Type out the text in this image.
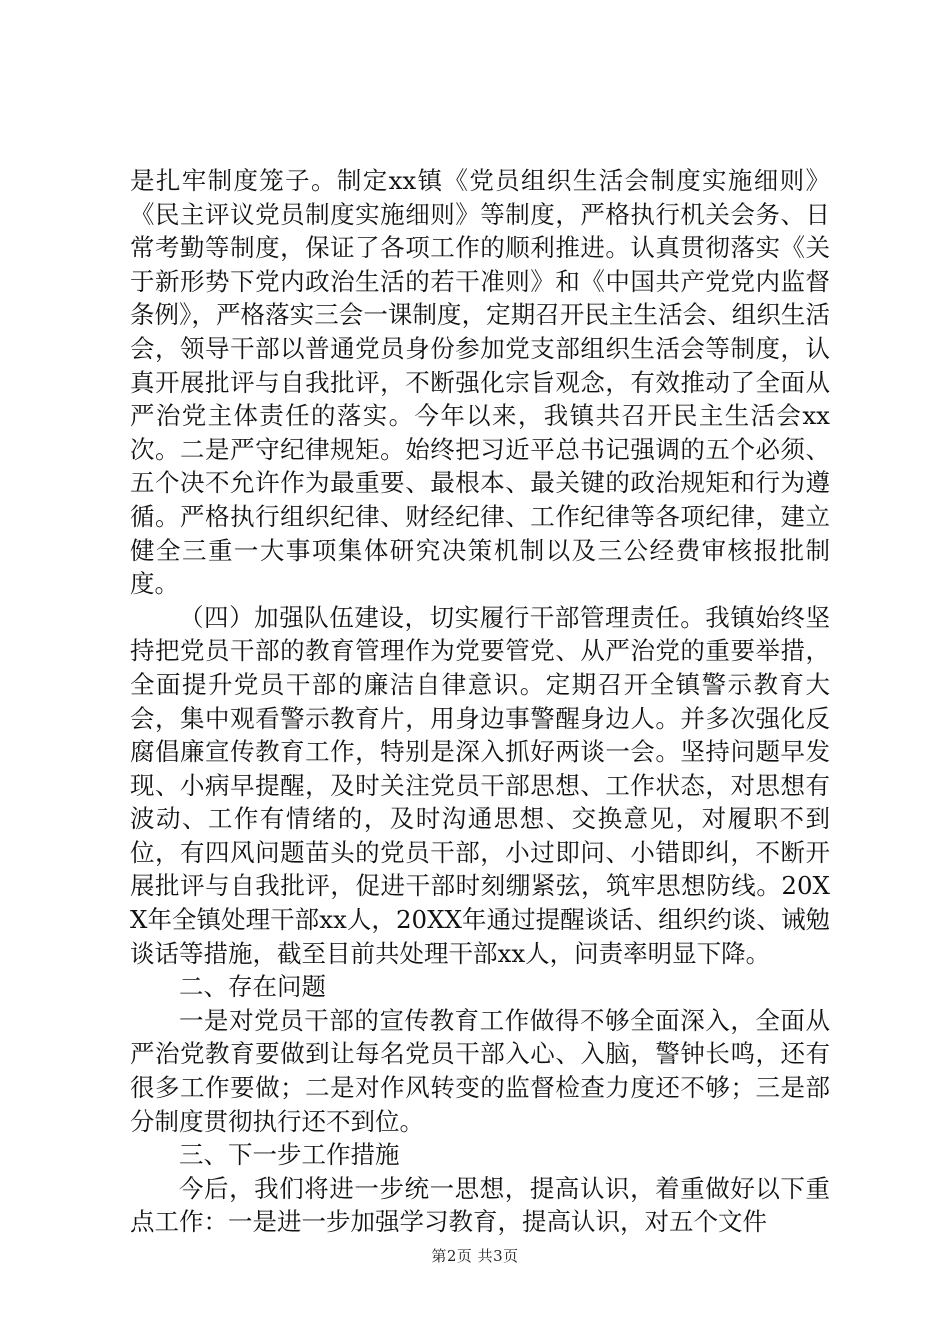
是扎牢制度笼子。制定xx镇《党员组织生活会制度实施细则》《民主评议党员制度实施细则》等制度，严格执行机关会务、日常考勤等制度，保证了各项工作的顺利推进。认真贯彻落实《关于新形势下党内政治生活的若干准则》和《中国共产党党内监督条例》，严格落实三会一课制度，定期召开民主生活会、组织生活会，领导干部以普通党员身份参加党支部组织生活会等制度，认真开展批评与自我批评，不断强化宗旨观念，有效推动了全面从严治党主体责任的落实。今年以来，我镇共召开民主生活会xx次。二是严守纪律规矩。始终把习近平总书记强调的五个必须、五个决不允许作为最重要、最根本、最关键的政治规矩和行为遵循。严格执行组织纪律、财经纪律、工作纪律等各项纪律，建立健全三重一大事项集体研究决策机制以及三公经费审核报批制度。

（四）加强队伍建设，切实履行干部管理责任。我镇始终坚持把党员干部的教育管理作为党要管党、从严治党的重要举措，全面提升党员干部的廉洁自律意识。定期召开全镇警示教育大会，集中观看警示教育片，用身边事警醒身边人。并多次强化反腐倡廉宣传教育工作，特别是深入抓好两谈一会。坚持问题早发现、小病早提醒，及时关注党员干部思想、工作状态，对思想有波动、工作有情绪的，及时沟通思想、交换意见，对履职不到位，有四风问题苗头的党员干部，小过即问、小错即纠，不断开展批评与自我批评，促进干部时刻绷紧弦，筑牢思想防线。20XX年全镇处理干部xx人，20XX年通过提醒谈话、组织约谈、诫勉谈话等措施，截至目前共处理干部xx人，问责率明显下降。

二、存在问题

一是对党员干部的宣传教育工作做得不够全面深入，全面从严治党教育要做到让每名党员干部入心、入脑，警钟长鸣，还有很多工作要做；二是对作风转变的监督检查力度还不够；三是部分制度贯彻执行还不到位。

三、下一步工作措施

今后，我们将进一步统一思想，提高认识，着重做好以下重点工作：一是进一步加强学习教育，提高认识，对五个文件

第2页 共3页
